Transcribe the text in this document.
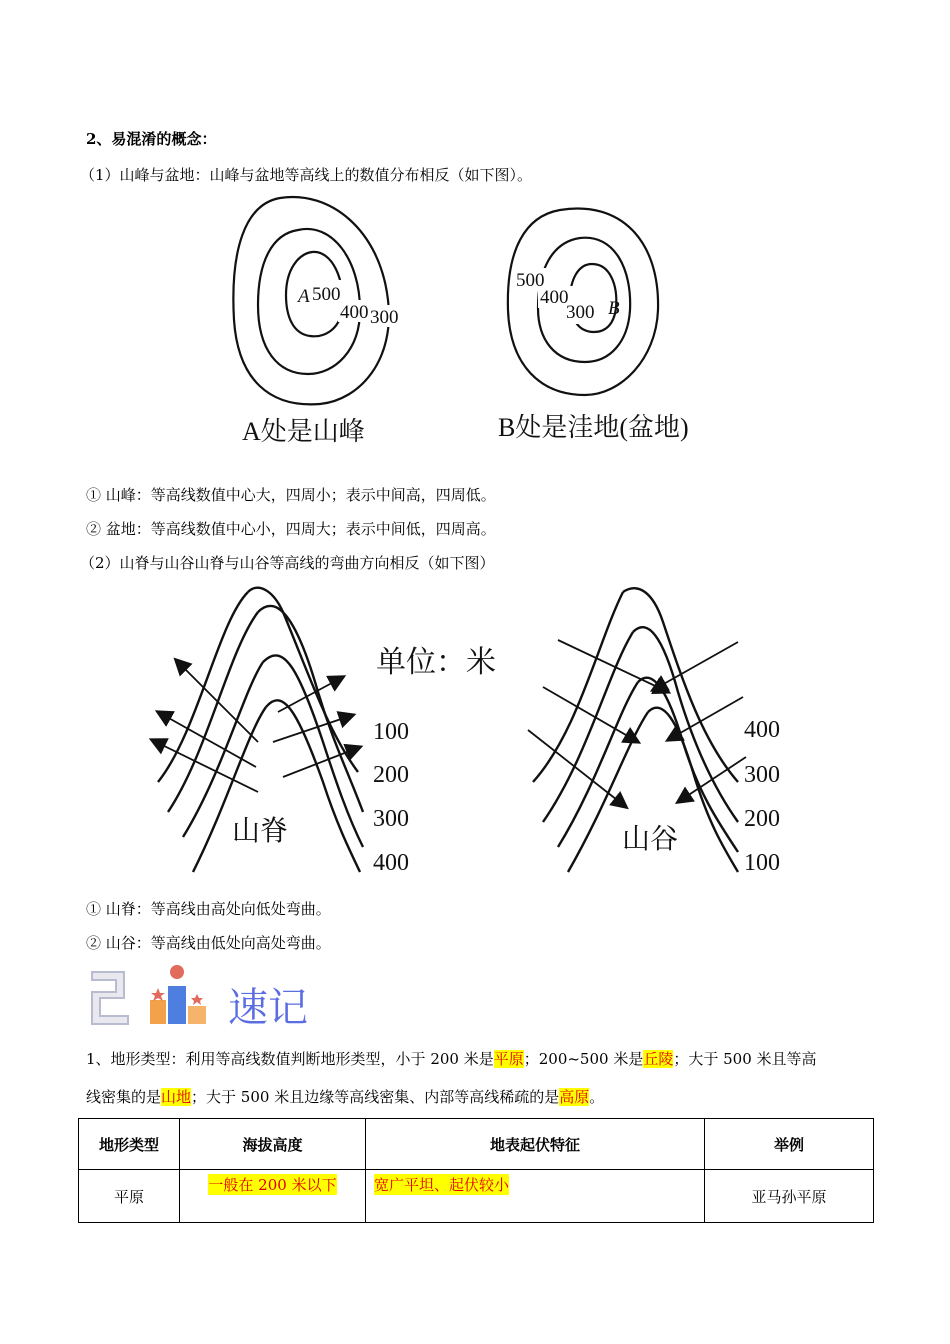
2、易混淆的概念：
（1）山峰与盆地：山峰与盆地等高线上的数值分布相反（如下图）。
A 500
400 300
500
400
300 B
A处是山峰	B处是洼地(盆地)
① 山峰：等高线数值中心大，四周小；表示中间高，四周低。
② 盆地：等高线数值中心小，四周大；表示中间低，四周高。
（2）山脊与山谷山脊与山谷等高线的弯曲方向相反（如下图）
单位：米
100
200
300
400
山脊
400
300
200
100
山谷
① 山脊：等高线由高处向低处弯曲。
② 山谷：等高线由低处向高处弯曲。
速记
1、地形类型：利用等高线数值判断地形类型，小于 200 米是平原；200~500 米是丘陵；大于 500 米且等高
线密集的是山地；大于 500 米且边缘等高线密集、内部等高线稀疏的是高原。
地形类型	海拔高度	地表起伏特征	举例
平原	一般在 200 米以下	宽广平坦、起伏较小	亚马孙平原
